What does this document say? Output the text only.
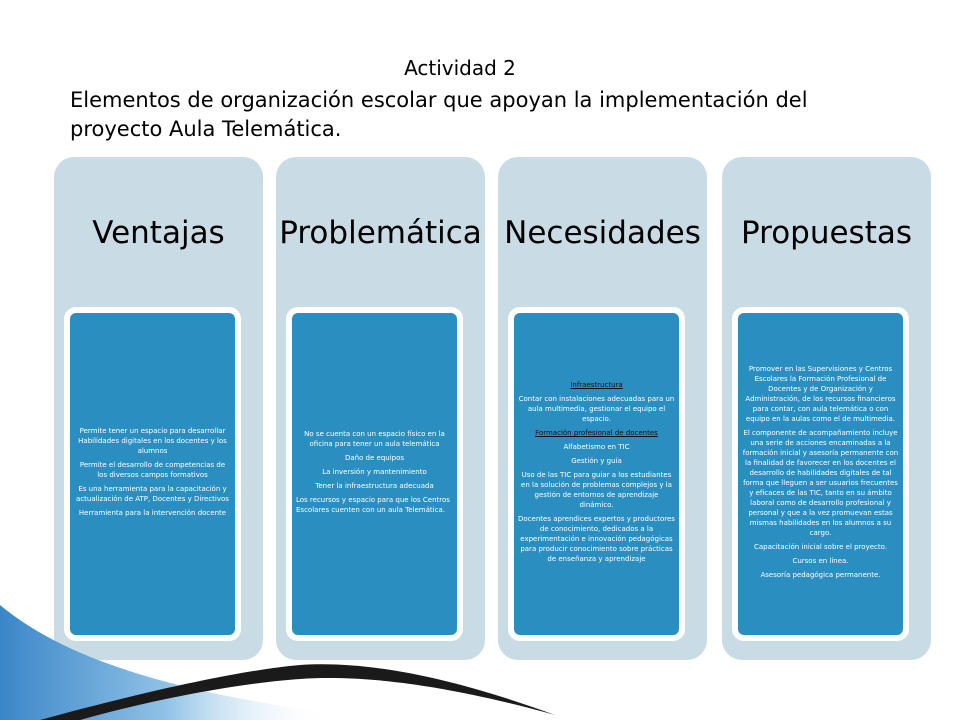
Actividad 2
Elementos de organización escolar que apoyan la implementación del proyecto Aula Telemática.
Ventajas

Permite tener un espacio para desarrollar Habilidades digitales en los docentes y los alumnos

Permite el desarrollo de competencias de los diversos campos formativos

Es una herramienta para la capacitación y actualización de ATP, Docentes y Directivos

Herramienta para la intervención docente

Problemática

No se cuenta con un espacio físico en la oficina para tener un aula telemática

Daño de equipos

La inversión y mantenimiento

Tener la infraestructura adecuada

Los recursos y espacio para que los Centros Escolares cuenten con un aula Telemática.

Necesidades

Infraestructura

Contar con instalaciones adecuadas para un aula multimedia, gestionar el equipo el espacio.

Formación profesional de docentes

Alfabetismo en TIC

Gestión y guía

Uso de las TIC para guiar a los estudiantes en la solución de problemas complejos y la gestión de entornos de aprendizaje dinámico.

Docentes aprendices expertos y productores de conocimiento, dedicados a la experimentación e innovación pedagógicas para producir conocimiento sobre prácticas de enseñanza y aprendizaje

Propuestas

Promover en las Supervisiones y Centros Escolares la Formación Profesional de Docentes y de Organización y Administración, de los recursos financieros para contar, con aula telemática o con equipo en la aulas como el de multimedia.

El componente de acompañamiento incluye una serie de acciones encaminadas a la formación inicial y asesoría permanente con la finalidad de favorecer en los docentes el desarrollo de habilidades digitales de tal forma que lleguen a ser usuarios frecuentes y eficaces de las TIC, tanto en su ámbito laboral como de desarrollo profesional y personal y que a la vez promuevan estas mismas habilidades en los alumnos a su cargo.

Capacitación inicial sobre el proyecto.

Cursos en línea.

Asesoría pedagógica permanente.
